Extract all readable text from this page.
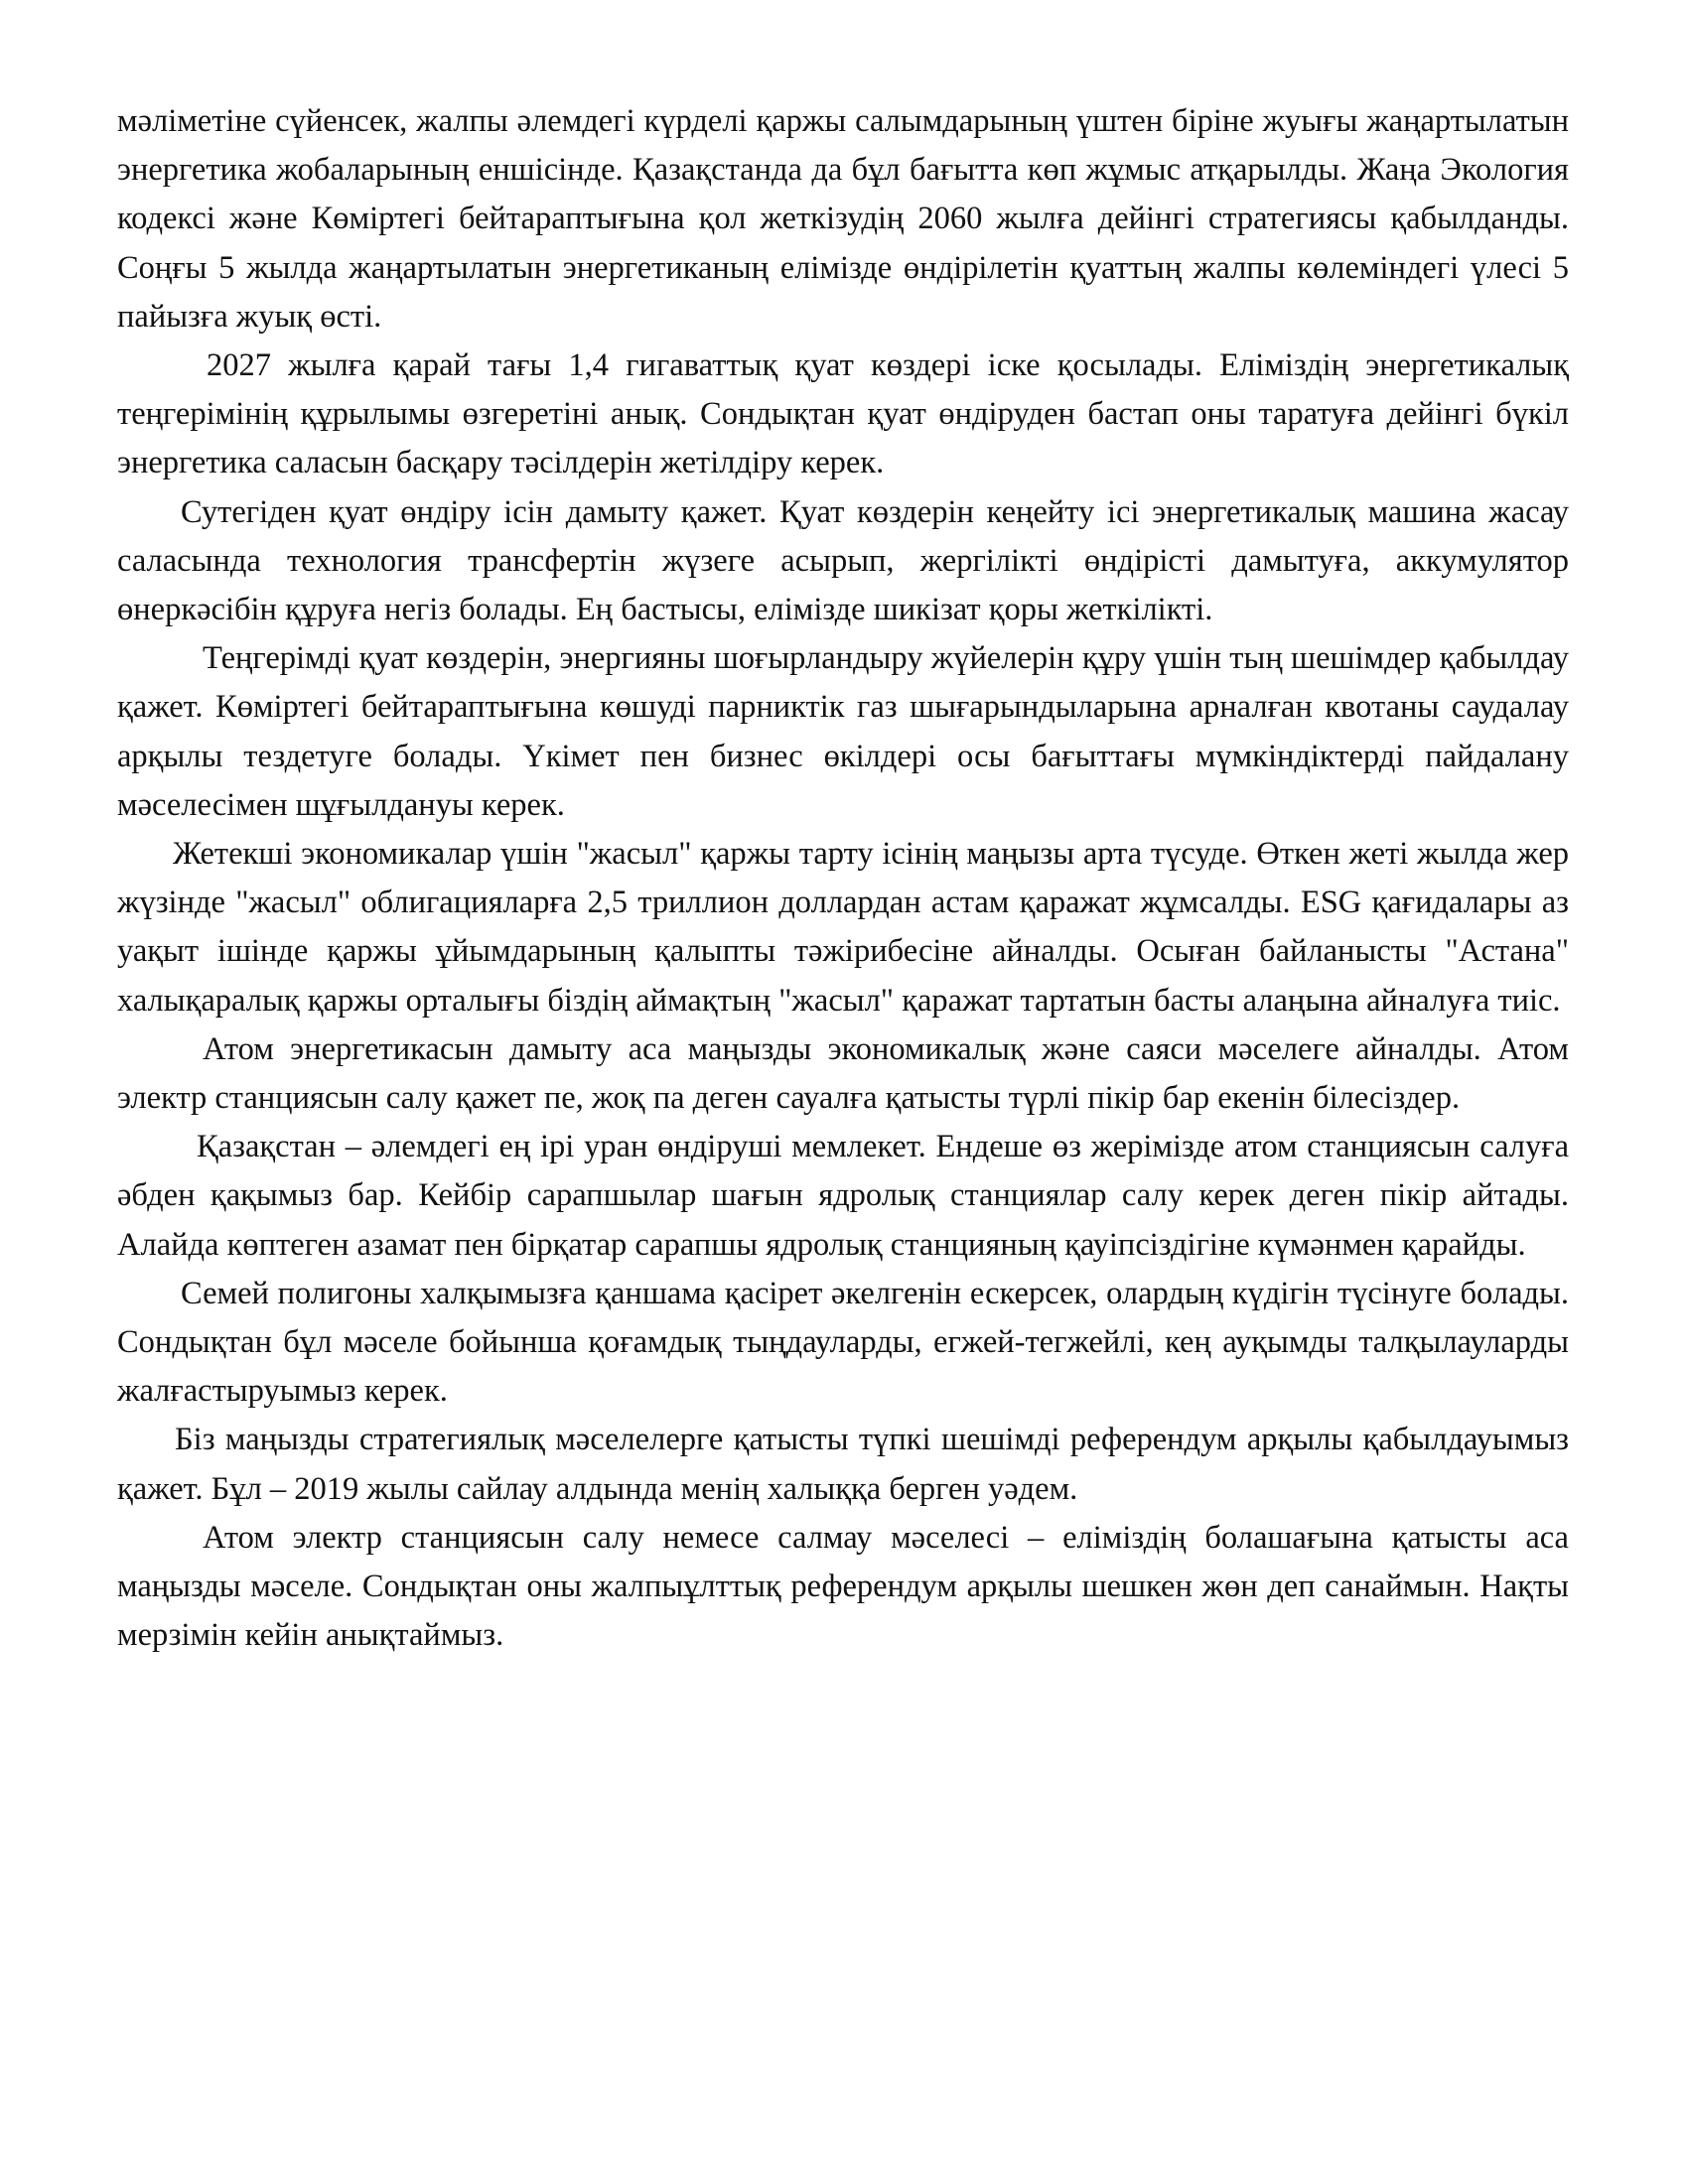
мәліметіне сүйенсек, жалпы әлемдегі күрделі қаржы салымдарының үштен біріне жуығы жаңартылатын энергетика жобаларының еншісінде. Қазақстанда да бұл бағытта көп жұмыс атқарылды. Жаңа Экология кодексі және Көміртегі бейтараптығына қол жеткізудің 2060 жылға дейінгі стратегиясы қабылданды. Соңғы 5 жылда жаңартылатын энергетиканың елімізде өндірілетін қуаттың жалпы көлеміндегі үлесі 5 пайызға жуық өсті.

2027 жылға қарай тағы 1,4 гигаваттық қуат көздері іске қосылады. Еліміздің энергетикалық теңгерімінің құрылымы өзгеретіні анық. Сондықтан қуат өндіруден бастап оны таратуға дейінгі бүкіл энергетика саласын басқару тәсілдерін жетілдіру керек.

Сутегіден қуат өндіру ісін дамыту қажет. Қуат көздерін кеңейту ісі энергетикалық машина жасау саласында технология трансфертін жүзеге асырып, жергілікті өндірісті дамытуға, аккумулятор өнеркәсібін құруға негіз болады. Ең бастысы, елімізде шикізат қоры жеткілікті.

Теңгерімді қуат көздерін, энергияны шоғырландыру жүйелерін құру үшін тың шешімдер қабылдау қажет. Көміртегі бейтараптығына көшуді парниктік газ шығарындыларына арналған квотаны саудалау арқылы тездетуге болады. Үкімет пен бизнес өкілдері осы бағыттағы мүмкіндіктерді пайдалану мәселесімен шұғылдануы керек.

Жетекші экономикалар үшін "жасыл" қаржы тарту ісінің маңызы арта түсуде. Өткен жеті жылда жер жүзінде "жасыл" облигацияларға 2,5 триллион доллардан астам қаражат жұмсалды. ESG қағидалары аз уақыт ішінде қаржы ұйымдарының қалыпты тәжірибесіне айналды. Осыған байланысты "Астана" халықаралық қаржы орталығы біздің аймақтың "жасыл" қаражат тартатын басты алаңына айналуға тиіс.

Атом энергетикасын дамыту аса маңызды экономикалық және саяси мәселеге айналды. Атом электр станциясын салу қажет пе, жоқ па деген сауалға қатысты түрлі пікір бар екенін білесіздер.

Қазақстан – әлемдегі ең ірі уран өндіруші мемлекет. Ендеше өз жерімізде атом станциясын салуға әбден қақымыз бар. Кейбір сарапшылар шағын ядролық станциялар салу керек деген пікір айтады. Алайда көптеген азамат пен бірқатар сарапшы ядролық станцияның қауіпсіздігіне күмәнмен қарайды.

Семей полигоны халқымызға қаншама қасірет әкелгенін ескерсек, олардың күдігін түсінуге болады. Сондықтан бұл мәселе бойынша қоғамдық тыңдауларды, егжей-тегжейлі, кең ауқымды талқылауларды жалғастыруымыз керек.

Біз маңызды стратегиялық мәселелерге қатысты түпкі шешімді референдум арқылы қабылдауымыз қажет. Бұл – 2019 жылы сайлау алдында менің халыққа берген уәдем.

Атом электр станциясын салу немесе салмау мәселесі – еліміздің болашағына қатысты аса маңызды мәселе. Сондықтан оны жалпыұлттық референдум арқылы шешкен жөн деп санаймын. Нақты мерзімін кейін анықтаймыз.
